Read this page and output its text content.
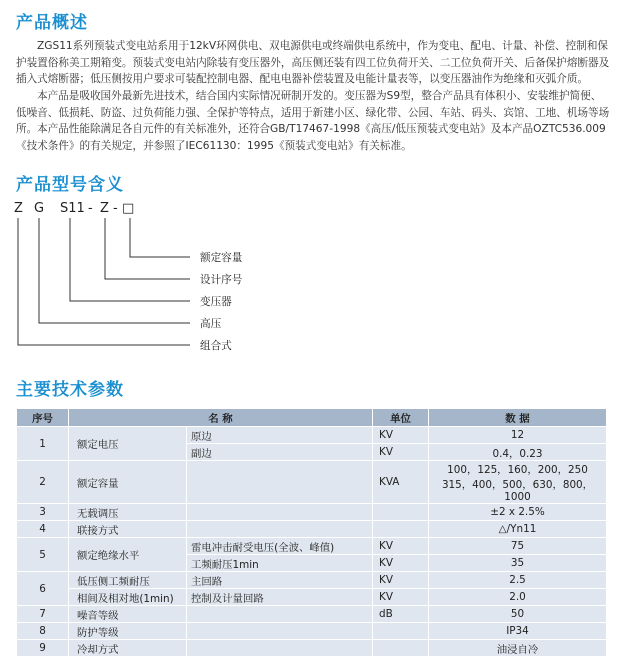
产品概述
ZGS11系列预装式变电站系用于12kV环网供电、双电源供电或终端供电系统中，作为变电、配电、计量、补偿、控制和保护装置俗称美工期箱变。预装式变电站内除装有变压器外，高压侧还装有四工位负荷开关、二工位负荷开关、后备保护熔断器及插入式熔断器；低压侧按用户要求可装配控制电器、配电电器补偿装置及电能计量表等，以变压器油作为绝缘和灭弧介质。
本产品是吸收国外最新先进技术，结合国内实际情况研制开发的。变压器为S9型，整合产品具有体积小、安装维护简便、低噪音、低损耗、防盗、过负荷能力强、全保护等特点，适用于新建小区、绿化带、公园、车站、码头、宾馆、工地、机场等场所。 本产品性能除满足各自元件的有关标准外，还符合GB/T17467-1998《高压/低压预装式变电站》及本产品OZTC536.009《技术条件》的有关规定，并参照了IEC61130：1995《预装式变电站》有关标准。
产品型号含义
Z G S11 - Z - □
额定容量
设计序号
变压器
高压
组合式
主要技术参数
序号	名 称		单位	数 据
1	额定电压	原边	KV	12
		副边	KV	0.4，0.23
2	额定容量		KVA	100，125，160，200，250
315，400，500，630，800，1000

3	无载调压			±2 x 2.5%
4	联接方式			△/Yn11
5	额定绝缘水平	雷电冲击耐受电压(全波、峰值)	KV	75
		工频耐压1min	KV	35
6	低压侧工频耐压	主回路	KV	2.5
	相间及相对地(1min)	控制及计量回路	KV	2.0
7	噪音等级		dB	50
8	防护等级			IP34
9	冷却方式			油浸自冷
